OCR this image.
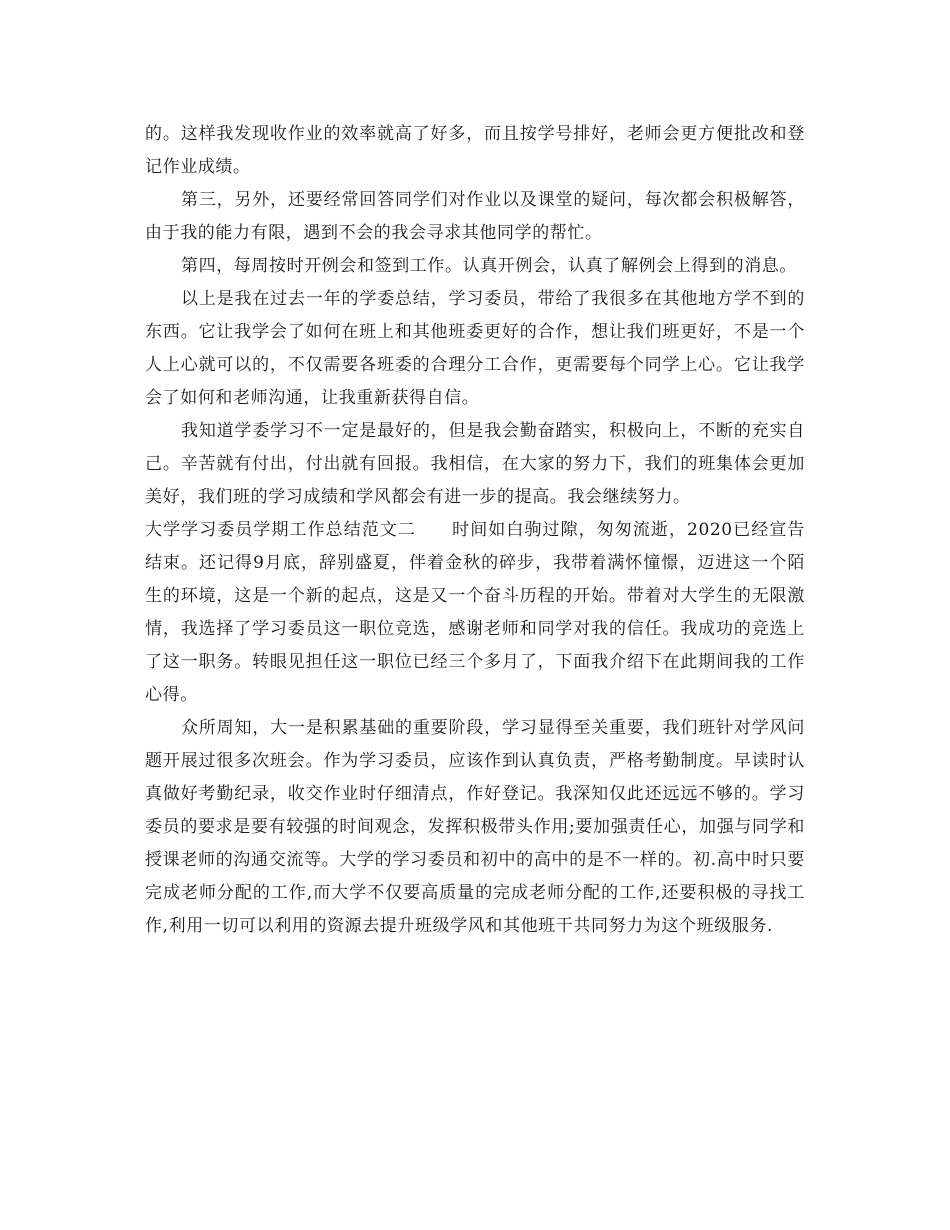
的。这样我发现收作业的效率就高了好多，而且按学号排好，老师会更方便批改和登记作业成绩。

第三，另外，还要经常回答同学们对作业以及课堂的疑问，每次都会积极解答，由于我的能力有限，遇到不会的我会寻求其他同学的帮忙。

第四，每周按时开例会和签到工作。认真开例会，认真了解例会上得到的消息。

以上是我在过去一年的学委总结，学习委员，带给了我很多在其他地方学不到的东西。它让我学会了如何在班上和其他班委更好的合作，想让我们班更好，不是一个人上心就可以的，不仅需要各班委的合理分工合作，更需要每个同学上心。它让我学会了如何和老师沟通，让我重新获得自信。

我知道学委学习不一定是最好的，但是我会勤奋踏实，积极向上，不断的充实自己。辛苦就有付出，付出就有回报。我相信，在大家的努力下，我们的班集体会更加美好，我们班的学习成绩和学风都会有进一步的提高。我会继续努力。

大学学习委员学期工作总结范文二　　时间如白驹过隙，匆匆流逝，2020已经宣告结束。还记得9月底，辞别盛夏，伴着金秋的碎步，我带着满怀憧憬，迈进这一个陌生的环境，这是一个新的起点，这是又一个奋斗历程的开始。带着对大学生的无限激情，我选择了学习委员这一职位竞选，感谢老师和同学对我的信任。我成功的竞选上了这一职务。转眼见担任这一职位已经三个多月了，下面我介绍下在此期间我的工作心得。

众所周知，大一是积累基础的重要阶段，学习显得至关重要，我们班针对学风问题开展过很多次班会。作为学习委员，应该作到认真负责，严格考勤制度。早读时认真做好考勤纪录，收交作业时仔细清点，作好登记。我深知仅此还远远不够的。学习委员的要求是要有较强的时间观念，发挥积极带头作用;要加强责任心，加强与同学和授课老师的沟通交流等。大学的学习委员和初中的高中的是不一样的。初.高中时只要完成老师分配的工作,而大学不仅要高质量的完成老师分配的工作,还要积极的寻找工作,利用一切可以利用的资源去提升班级学风和其他班干共同努力为这个班级服务.
